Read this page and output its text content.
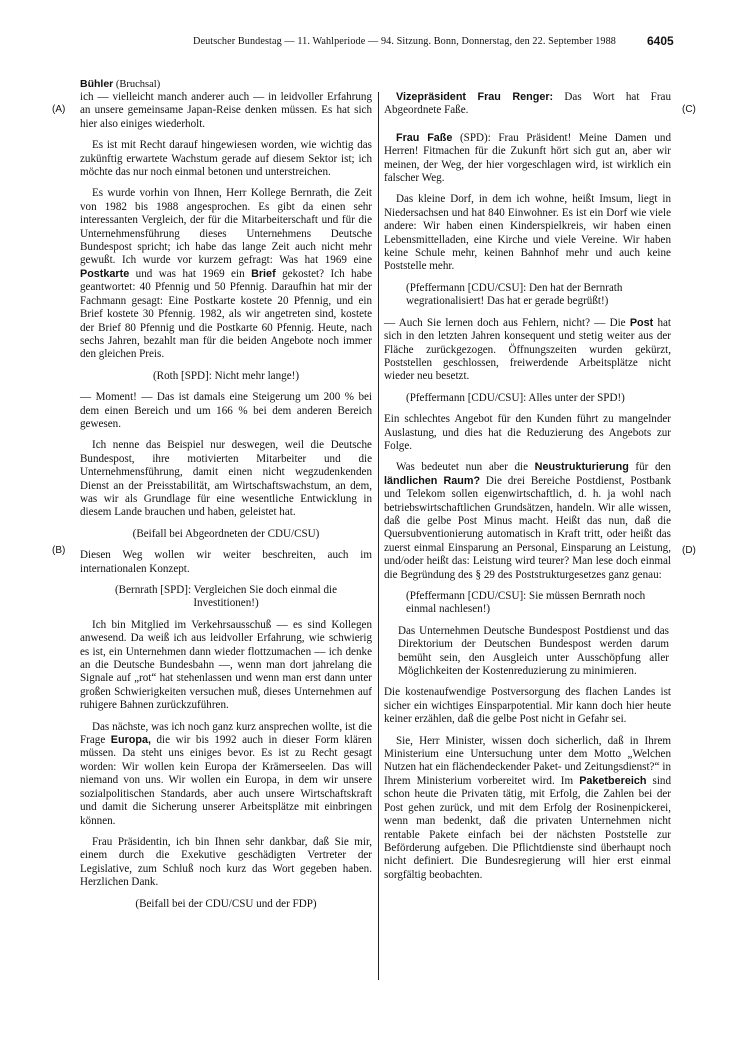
Deutscher Bundestag — 11. Wahlperiode — 94. Sitzung. Bonn, Donnerstag, den 22. September 1988	6405
Bühler (Bruchsal)
(A)
(B)
(C)
(D)

ich — vielleicht manch anderer auch — in leidvoller Erfahrung an unsere gemeinsame Japan-Reise denken müssen. Es hat sich hier also einiges wiederholt.

Es ist mit Recht darauf hingewiesen worden, wie wichtig das zukünftig erwartete Wachstum gerade auf diesem Sektor ist; ich möchte das nur noch einmal betonen und unterstreichen.

Es wurde vorhin von Ihnen, Herr Kollege Bernrath, die Zeit von 1982 bis 1988 angesprochen. Es gibt da einen sehr interessanten Vergleich, der für die Mitarbeiterschaft und für die Unternehmensführung dieses Unternehmens Deutsche Bundespost spricht; ich habe das lange Zeit auch nicht mehr gewußt. Ich wurde vor kurzem gefragt: Was hat 1969 eine Postkarte und was hat 1969 ein Brief gekostet? Ich habe geantwortet: 40 Pfennig und 50 Pfennig. Daraufhin hat mir der Fachmann gesagt: Eine Postkarte kostete 20 Pfennig, und ein Brief kostete 30 Pfennig. 1982, als wir angetreten sind, kostete der Brief 80 Pfennig und die Postkarte 60 Pfennig. Heute, nach sechs Jahren, bezahlt man für die beiden Angebote noch immer den gleichen Preis.

(Roth [SPD]: Nicht mehr lange!)

— Moment! — Das ist damals eine Steigerung um 200 % bei dem einen Bereich und um 166 % bei dem anderen Bereich gewesen.

Ich nenne das Beispiel nur deswegen, weil die Deutsche Bundespost, ihre motivierten Mitarbeiter und die Unternehmensführung, damit einen nicht wegzudenkenden Dienst an der Preisstabilität, am Wirtschaftswachstum, an dem, was wir als Grundlage für eine wesentliche Entwicklung in diesem Lande brauchen und haben, geleistet hat.

(Beifall bei Abgeordneten der CDU/CSU)

Diesen Weg wollen wir weiter beschreiten, auch im internationalen Konzept.

(Bernrath [SPD]: Vergleichen Sie doch einmal die Investitionen!)

Ich bin Mitglied im Verkehrsausschuß — es sind Kollegen anwesend. Da weiß ich aus leidvoller Erfahrung, wie schwierig es ist, ein Unternehmen dann wieder flottzumachen — ich denke an die Deutsche Bundesbahn —, wenn man dort jahrelang die Signale auf „rot“ hat stehenlassen und wenn man erst dann unter großen Schwierigkeiten versuchen muß, dieses Unternehmen auf ruhigere Bahnen zurückzuführen.

Das nächste, was ich noch ganz kurz ansprechen wollte, ist die Frage Europa, die wir bis 1992 auch in dieser Form klären müssen. Da steht uns einiges bevor. Es ist zu Recht gesagt worden: Wir wollen kein Europa der Krämerseelen. Das will niemand von uns. Wir wollen ein Europa, in dem wir unsere sozialpolitischen Standards, aber auch unsere Wirtschaftskraft und damit die Sicherung unserer Arbeitsplätze mit einbringen können.

Frau Präsidentin, ich bin Ihnen sehr dankbar, daß Sie mir, einem durch die Exekutive geschädigten Vertreter der Legislative, zum Schluß noch kurz das Wort gegeben haben. Herzlichen Dank.

(Beifall bei der CDU/CSU und der FDP)

Vizepräsident Frau Renger: Das Wort hat Frau Abgeordnete Faße.

Frau Faße (SPD): Frau Präsident! Meine Damen und Herren! Fitmachen für die Zukunft hört sich gut an, aber wir meinen, der Weg, der hier vorgeschlagen wird, ist wirklich ein falscher Weg.

Das kleine Dorf, in dem ich wohne, heißt Imsum, liegt in Niedersachsen und hat 840 Einwohner. Es ist ein Dorf wie viele andere: Wir haben einen Kinderspielkreis, wir haben einen Lebensmittelladen, eine Kirche und viele Vereine. Wir haben keine Schule mehr, keinen Bahnhof mehr und auch keine Poststelle mehr.

(Pfeffermann [CDU/CSU]: Den hat der Bernrath wegrationalisiert! Das hat er gerade begrüßt!)

— Auch Sie lernen doch aus Fehlern, nicht? — Die Post hat sich in den letzten Jahren konsequent und stetig weiter aus der Fläche zurückgezogen. Öffnungszeiten wurden gekürzt, Poststellen geschlossen, freiwerdende Arbeitsplätze nicht wieder neu besetzt.

(Pfeffermann [CDU/CSU]: Alles unter der SPD!)

Ein schlechtes Angebot für den Kunden führt zu mangelnder Auslastung, und dies hat die Reduzierung des Angebots zur Folge.

Was bedeutet nun aber die Neustrukturierung für den ländlichen Raum? Die drei Bereiche Postdienst, Postbank und Telekom sollen eigenwirtschaftlich, d. h. ja wohl nach betriebswirtschaftlichen Grundsätzen, handeln. Wir alle wissen, daß die gelbe Post Minus macht. Heißt das nun, daß die Quersubventionierung automatisch in Kraft tritt, oder heißt das zuerst einmal Einsparung an Personal, Einsparung an Leistung, und/oder heißt das: Leistung wird teurer? Man lese doch einmal die Begründung des § 29 des Poststrukturgesetzes ganz genau:

(Pfeffermann [CDU/CSU]: Sie müssen Bernrath noch einmal nachlesen!)
Das Unternehmen Deutsche Bundespost Postdienst und das Direktorium der Deutschen Bundespost werden darum bemüht sein, den Ausgleich unter Ausschöpfung aller Möglichkeiten der Kostenreduzierung zu minimieren.

Die kostenaufwendige Postversorgung des flachen Landes ist sicher ein wichtiges Einsparpotential. Mir kann doch hier heute keiner erzählen, daß die gelbe Post nicht in Gefahr sei.

Sie, Herr Minister, wissen doch sicherlich, daß in Ihrem Ministerium eine Untersuchung unter dem Motto „Welchen Nutzen hat ein flächendeckender Paket- und Zeitungsdienst?“ in Ihrem Ministerium vorbereitet wird. Im Paketbereich sind schon heute die Privaten tätig, mit Erfolg, die Zahlen bei der Post gehen zurück, und mit dem Erfolg der Rosinenpickerei, wenn man bedenkt, daß die privaten Unternehmen nicht rentable Pakete einfach bei der nächsten Poststelle zur Beförderung aufgeben. Die Pflichtdienste sind überhaupt noch nicht definiert. Die Bundesregierung will hier erst einmal sorgfältig beobachten.
